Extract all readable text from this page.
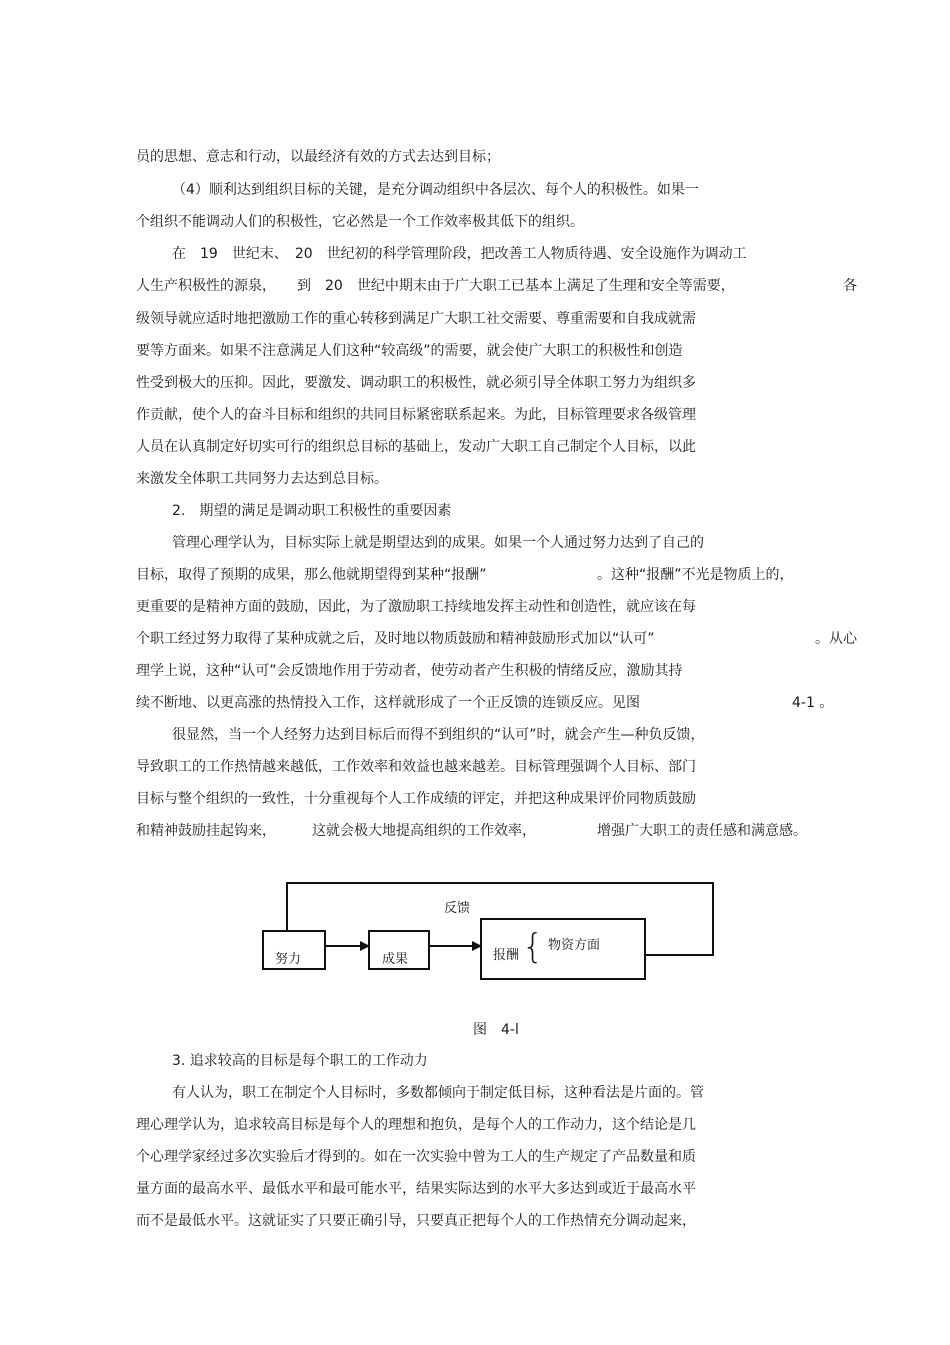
员的思想、意志和行动，以最经济有效的方式去达到目标；
（4）顺利达到组织目标的关键，是充分调动组织中各层次、每个人的积极性。如果一
个组织不能调动人们的积极性，它必然是一个工作效率极其低下的组织。
在　19　世纪末、　20　世纪初的科学管理阶段，把改善工人物质待遇、安全设施作为调动工
人生产积极性的源泉，　　到　20　世纪中期末由于广大职工已基本上满足了生理和安全等需要，	各
级领导就应适时地把激励工作的重心转移到满足广大职工社交需要、尊重需要和自我成就需
要等方面来。如果不注意满足人们这种“较高级”的需要，就会使广大职工的积极性和创造
性受到极大的压抑。因此，要激发、调动职工的积极性，就必须引导全体职工努力为组织多
作贡献，使个人的奋斗目标和组织的共同目标紧密联系起来。为此，目标管理要求各级管理
人员在认真制定好切实可行的组织总目标的基础上，发动广大职工自己制定个人目标，以此
来激发全体职工共同努力去达到总目标。
2.　期望的满足是调动职工积极性的重要因素
管理心理学认为，目标实际上就是期望达到的成果。如果一个人通过努力达到了自己的
目标，取得了预期的成果，那么他就期望得到某种“报酬”	。这种“报酬”不光是物质上的，
更重要的是精神方面的鼓励，因此，为了激励职工持续地发挥主动性和创造性，就应该在每
个职工经过努力取得了某种成就之后，及时地以物质鼓励和精神鼓励形式加以“认可”	。从心
理学上说，这种“认可”会反馈地作用于劳动者，使劳动者产生积极的情绪反应，激励其持
续不断地、以更高涨的热情投入工作，这样就形成了一个正反馈的连锁反应。见图	4-1 。
很显然，当一个人经努力达到目标后而得不到组织的“认可”时，就会产生—种负反馈，
导致职工的工作热情越来越低，工作效率和效益也越来越差。目标管理强调个人目标、部门
目标与整个组织的一致性，十分重视每个人工作成绩的评定，并把这种成果评价同物质鼓励
和精神鼓励挂起钩来，	这就会极大地提高组织的工作效率，	增强广大职工的责任感和满意感。
努力	成果	报酬 { 物资方面
反馈
图　4-l
3. 追求较高的目标是每个职工的工作动力
有人认为，职工在制定个人目标时，多数都倾向于制定低目标，这种看法是片面的。管
理心理学认为，追求较高目标是每个人的理想和抱负，是每个人的工作动力，这个结论是几
个心理学家经过多次实验后才得到的。如在一次实验中曾为工人的生产规定了产品数量和质
量方面的最高水平、最低水平和最可能水平，结果实际达到的水平大多达到或近于最高水平
而不是最低水平。这就证实了只要正确引导，只要真正把每个人的工作热情充分调动起来，
